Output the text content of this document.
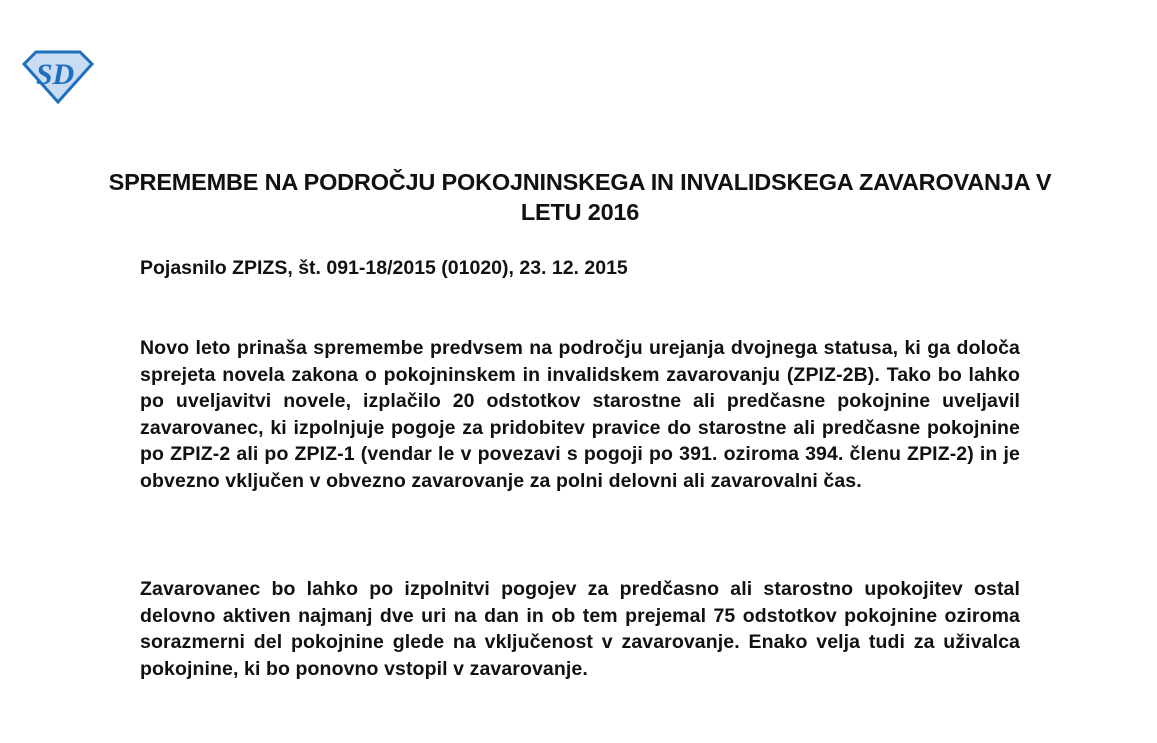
SD
SPREMEMBE NA PODROČJU POKOJNINSKEGA IN INVALIDSKEGA ZAVAROVANJA V LETU 2016
Pojasnilo ZPIZS, št. 091-18/2015 (01020), 23. 12. 2015
Novo leto prinaša spremembe predvsem na področju urejanja dvojnega statusa, ki ga določa sprejeta novela zakona o pokojninskem in invalidskem zavarovanju (ZPIZ-2B). Tako bo lahko po uveljavitvi novele, izplačilo 20 odstotkov starostne ali predčasne pokojnine uveljavil zavarovanec, ki izpolnjuje pogoje za pridobitev pravice do starostne ali predčasne pokojnine po ZPIZ-2 ali po ZPIZ-1 (vendar le v povezavi s pogoji po 391. oziroma 394. členu ZPIZ-2) in je obvezno vključen v obvezno zavarovanje za polni delovni ali zavarovalni čas.
Zavarovanec bo lahko po izpolnitvi pogojev za predčasno ali starostno upokojitev ostal delovno aktiven najmanj dve uri na dan in ob tem prejemal 75 odstotkov pokojnine oziroma sorazmerni del pokojnine glede na vključenost v zavarovanje. Enako velja tudi za uživalca pokojnine, ki bo ponovno vstopil v zavarovanje.
